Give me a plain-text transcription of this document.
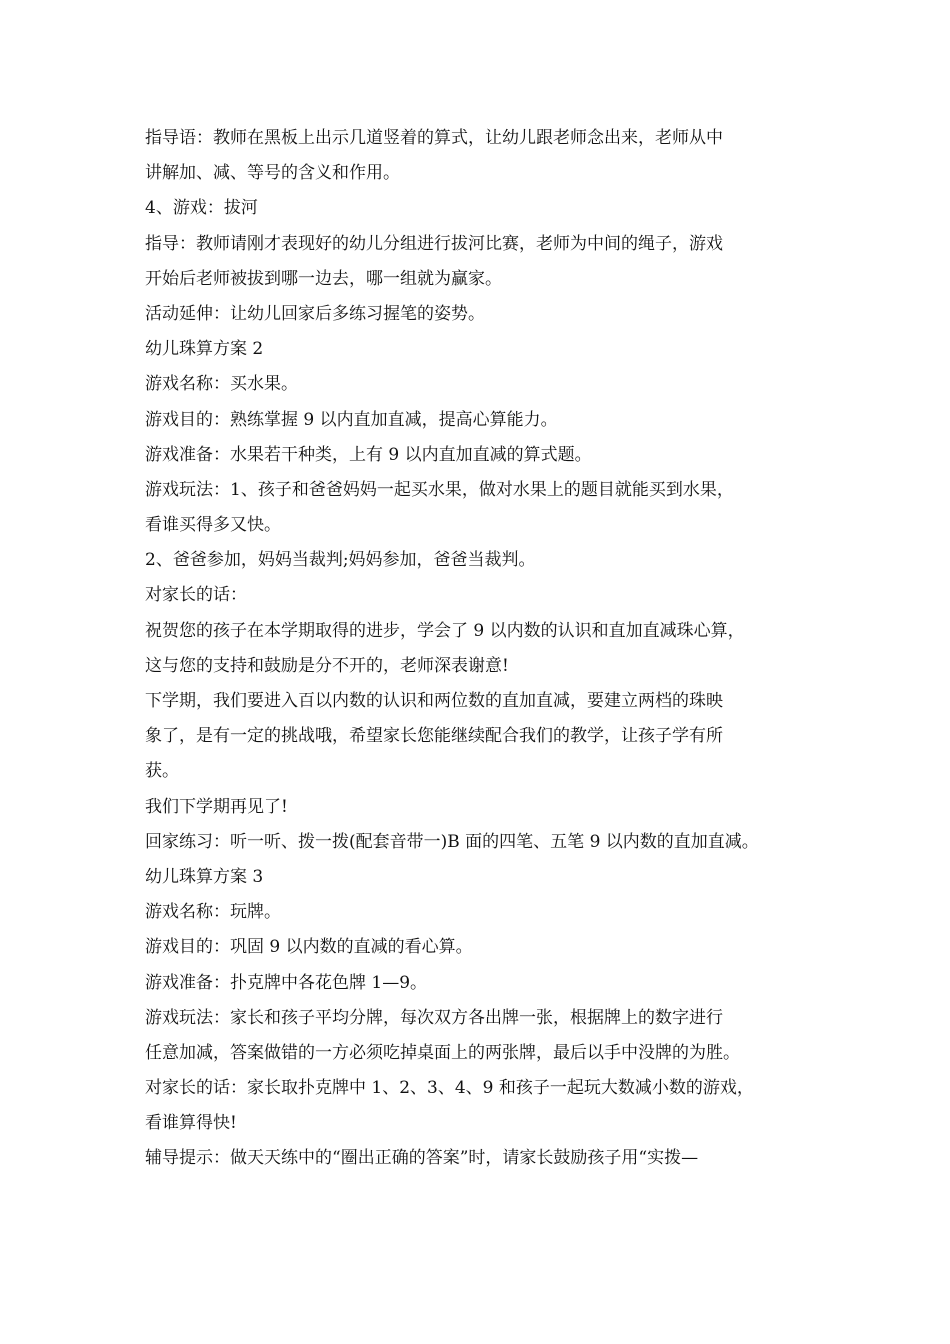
指导语：教师在黑板上出示几道竖着的算式，让幼儿跟老师念出来，老师从中
讲解加、减、等号的含义和作用。
4、游戏：拔河
指导：教师请刚才表现好的幼儿分组进行拔河比赛，老师为中间的绳子，游戏
开始后老师被拔到哪一边去，哪一组就为赢家。
活动延伸：让幼儿回家后多练习握笔的姿势。
幼儿珠算方案 2
游戏名称：买水果。
游戏目的：熟练掌握 9 以内直加直减，提高心算能力。
游戏准备：水果若干种类，上有 9 以内直加直减的算式题。
游戏玩法：1、孩子和爸爸妈妈一起买水果，做对水果上的题目就能买到水果，
看谁买得多又快。
2、爸爸参加，妈妈当裁判;妈妈参加，爸爸当裁判。
对家长的话：
祝贺您的孩子在本学期取得的进步，学会了 9 以内数的认识和直加直减珠心算，
这与您的支持和鼓励是分不开的，老师深表谢意!
下学期，我们要进入百以内数的认识和两位数的直加直减，要建立两档的珠映
象了，是有一定的挑战哦，希望家长您能继续配合我们的教学，让孩子学有所
获。
我们下学期再见了!
回家练习：听一听、拨一拨(配套音带一)B 面的四笔、五笔 9 以内数的直加直减。
幼儿珠算方案 3
游戏名称：玩牌。
游戏目的：巩固 9 以内数的直减的看心算。
游戏准备：扑克牌中各花色牌 1—9。
游戏玩法：家长和孩子平均分牌，每次双方各出牌一张，根据牌上的数字进行
任意加减，答案做错的一方必须吃掉桌面上的两张牌，最后以手中没牌的为胜。
对家长的话：家长取扑克牌中 1、2、3、4、9 和孩子一起玩大数减小数的游戏，
看谁算得快!
辅导提示：做天天练中的“圈出正确的答案”时，请家长鼓励孩子用“实拨—
